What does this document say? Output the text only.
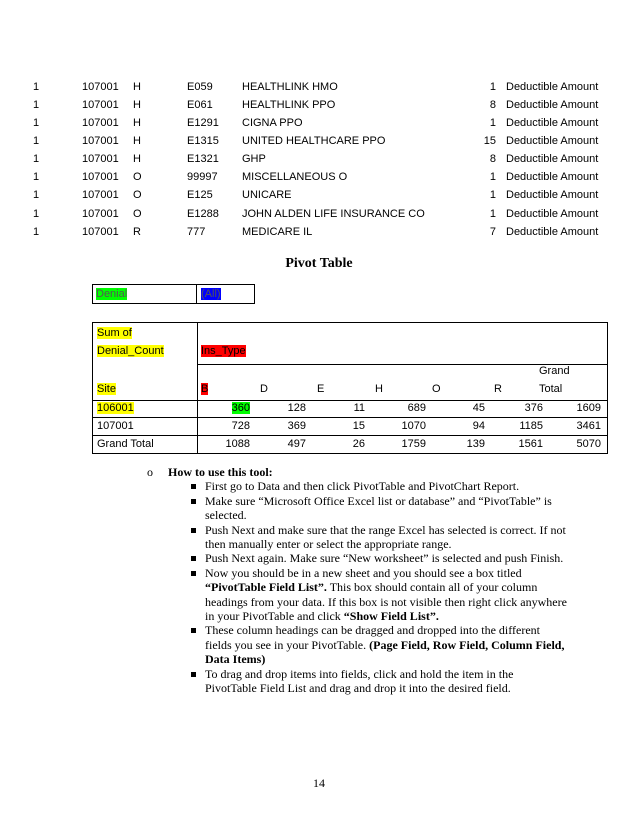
1	107001 H	E059	HEALTHLINK HMO	1 Deductible Amount
1	107001 H	E061	HEALTHLINK PPO	8 Deductible Amount
1	107001 H	E1291 CIGNA PPO	1 Deductible Amount
1	107001 H	E1315 UNITED HEALTHCARE PPO	15 Deductible Amount
1	107001 H	E1321 GHP	8 Deductible Amount
1	107001 O	99997 MISCELLANEOUS O	1 Deductible Amount
1	107001 O	E125	UNICARE	1 Deductible Amount
1	107001 O	E1288 JOHN ALDEN LIFE INSURANCE CO	1 Deductible Amount
1	107001 R	777	MEDICARE IL	7 Deductible Amount
Pivot Table
Denial	(All)
Sum of
Denial_Count	Ins_Type
Site	B	D	E	H	O	R
Grand
Total
106001	360	128	11	689	45	376	1609
107001	728	369	15	1070	94	1185	3461
Grand Total	1088	497	26	1759	139	1561	5070
o How to use this tool:
First go to Data and then click PivotTable and PivotChart Report.
Make sure “Microsoft Office Excel list or database” and “PivotTable” is selected.
Push Next and make sure that the range Excel has selected is correct. If not then manually enter or select the appropriate range.
Push Next again. Make sure “New worksheet” is selected and push Finish.
Now you should be in a new sheet and you should see a box titled “PivotTable Field List”. This box should contain all of your column headings from your data. If this box is not visible then right click anywhere in your PivotTable and click “Show Field List”.
These column headings can be dragged and dropped into the different fields you see in your PivotTable. (Page Field, Row Field, Column Field, Data Items)
To drag and drop items into fields, click and hold the item in the PivotTable Field List and drag and drop it into the desired field.
14
